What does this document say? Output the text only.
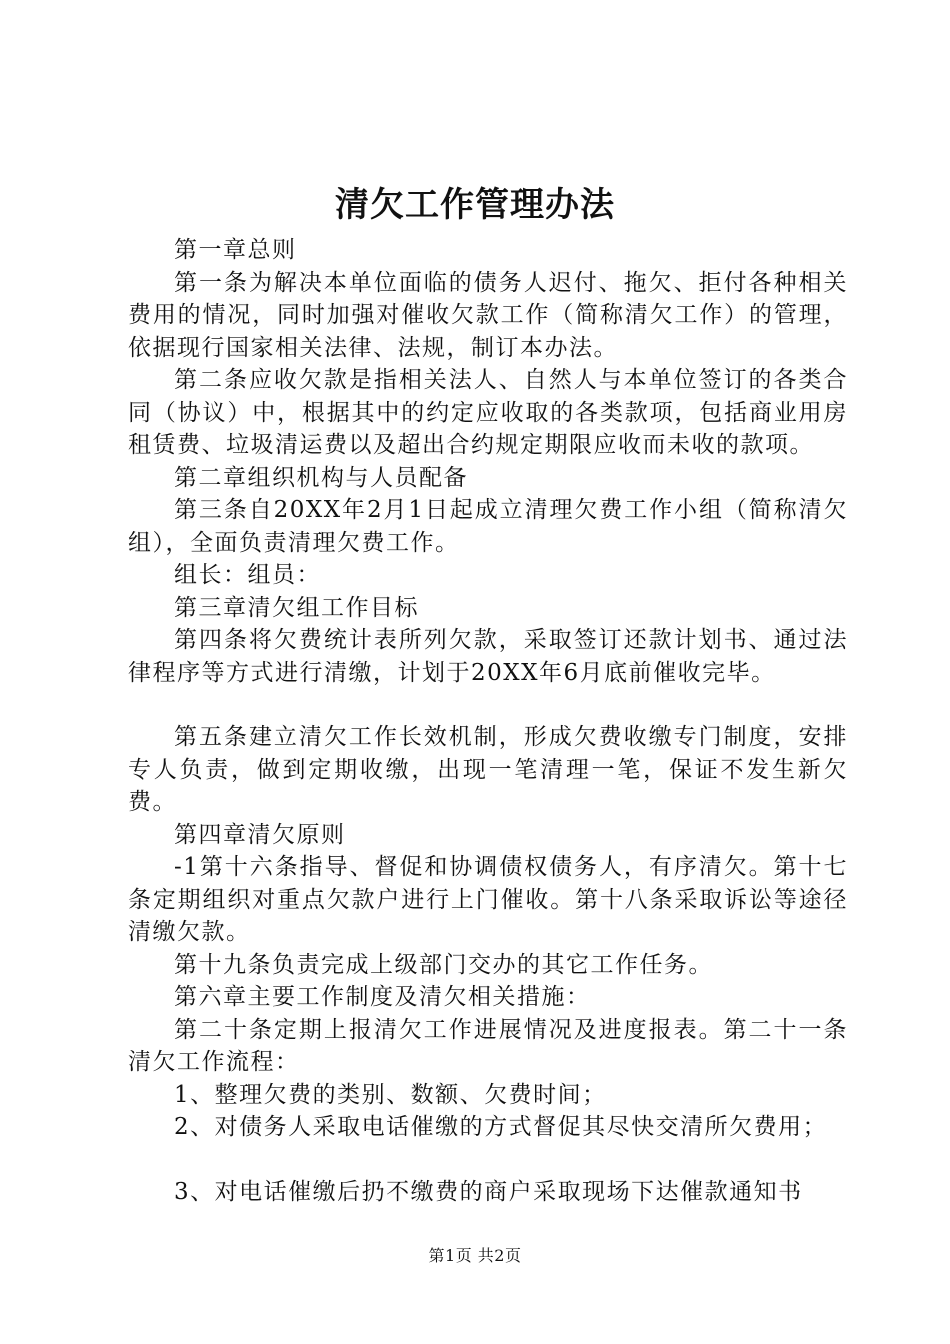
清欠工作管理办法

第一章总则

第一条为解决本单位面临的债务人迟付、拖欠、拒付各种相关费用的情况，同时加强对催收欠款工作（简称清欠工作）的管理，依据现行国家相关法律、法规，制订本办法。

第二条应收欠款是指相关法人、自然人与本单位签订的各类合同（协议）中，根据其中的约定应收取的各类款项，包括商业用房租赁费、垃圾清运费以及超出合约规定期限应收而未收的款项。

第二章组织机构与人员配备

第三条自20XX年2月1日起成立清理欠费工作小组（简称清欠组），全面负责清理欠费工作。

组长：组员：

第三章清欠组工作目标

第四条将欠费统计表所列欠款，采取签订还款计划书、通过法律程序等方式进行清缴，计划于20XX年6月底前催收完毕。

第五条建立清欠工作长效机制，形成欠费收缴专门制度，安排专人负责，做到定期收缴，出现一笔清理一笔，保证不发生新欠费。

第四章清欠原则

-1第十六条指导、督促和协调债权债务人，有序清欠。第十七条定期组织对重点欠款户进行上门催收。第十八条采取诉讼等途径清缴欠款。

第十九条负责完成上级部门交办的其它工作任务。

第六章主要工作制度及清欠相关措施：

第二十条定期上报清欠工作进展情况及进度报表。第二十一条清欠工作流程：

1、整理欠费的类别、数额、欠费时间；

2、对债务人采取电话催缴的方式督促其尽快交清所欠费用；

3、对电话催缴后扔不缴费的商户采取现场下达催款通知书

第1页 共2页
